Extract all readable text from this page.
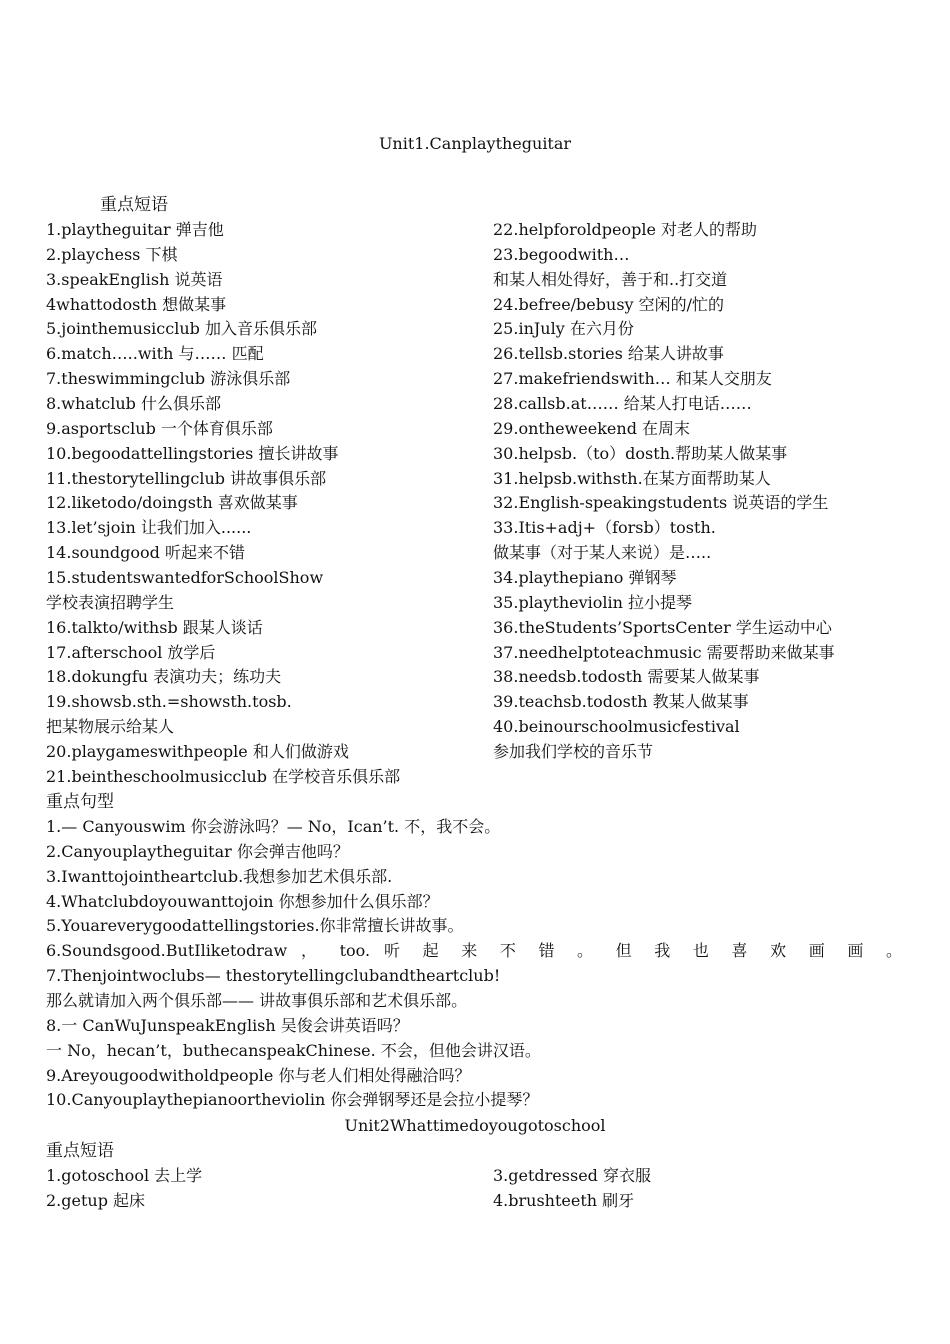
Unit1.Canplaytheguitar
重点短语
1.playtheguitar 弹吉他
2.playchess 下棋
3.speakEnglish 说英语
4whattodosth 想做某事
5.jointhemusicclub 加入音乐俱乐部
6.match…..with 与…… 匹配
7.theswimmingclub 游泳俱乐部
8.whatclub 什么俱乐部
9.asportsclub 一个体育俱乐部
10.begoodattellingstories 擅长讲故事
11.thestorytellingclub 讲故事俱乐部
12.liketodo/doingsth 喜欢做某事
13.let’sjoin 让我们加入......
14.soundgood 听起来不错
15.studentswantedforSchoolShow
学校表演招聘学生
16.talkto/withsb 跟某人谈话
17.afterschool 放学后
18.dokungfu 表演功夫；练功夫
19.showsb.sth.=showsth.tosb.
把某物展示给某人
20.playgameswithpeople 和人们做游戏
21.beintheschoolmusicclub 在学校音乐俱乐部
22.helpforoldpeople 对老人的帮助
23.begoodwith…
和某人相处得好，善于和..打交道
24.befree/bebusy 空闲的/忙的
25.inJuly 在六月份
26.tellsb.stories 给某人讲故事
27.makefriendswith… 和某人交朋友
28.callsb.at…… 给某人打电话……
29.ontheweekend 在周末
30.helpsb.（to）dosth.帮助某人做某事
31.helpsb.withsth.在某方面帮助某人
32.English-speakingstudents 说英语的学生
33.Itis+adj+（forsb）tosth.
做某事（对于某人来说）是…..
34.playthepiano 弹钢琴
35.playtheviolin 拉小提琴
36.theStudents’SportsCenter 学生运动中心
37.needhelptoteachmusic 需要帮助来做某事
38.needsb.todosth 需要某人做某事
39.teachsb.todosth 教某人做某事
40.beinourschoolmusicfestival
参加我们学校的音乐节
重点句型
1.— Canyouswim 你会游泳吗？— No，Ican’t. 不，我不会。
2.Canyouplaytheguitar 你会弹吉他吗？
3.Iwanttojointheartclub.我想参加艺术俱乐部.
4.Whatclubdoyouwanttojoin 你想参加什么俱乐部？
5.Youareverygoodattellingstories.你非常擅长讲故事。
6.Soundsgood.ButIliketodraw ， too. 听 起 来 不 错 。 但 我 也 喜 欢 画 画 。
7.Thenjointwoclubs— thestorytellingclubandtheartclub!
那么就请加入两个俱乐部—— 讲故事俱乐部和艺术俱乐部。
8.一 CanWuJunspeakEnglish 吴俊会讲英语吗？
一 No，hecan’t，buthecanspeakChinese. 不会，但他会讲汉语。
9.Areyougoodwitholdpeople 你与老人们相处得融洽吗？
10.Canyouplaythepianoortheviolin 你会弹钢琴还是会拉小提琴？
Unit2Whattimedoyougotoschool
重点短语
1.gotoschool 去上学
2.getup 起床
3.getdressed 穿衣服
4.brushteeth 刷牙
